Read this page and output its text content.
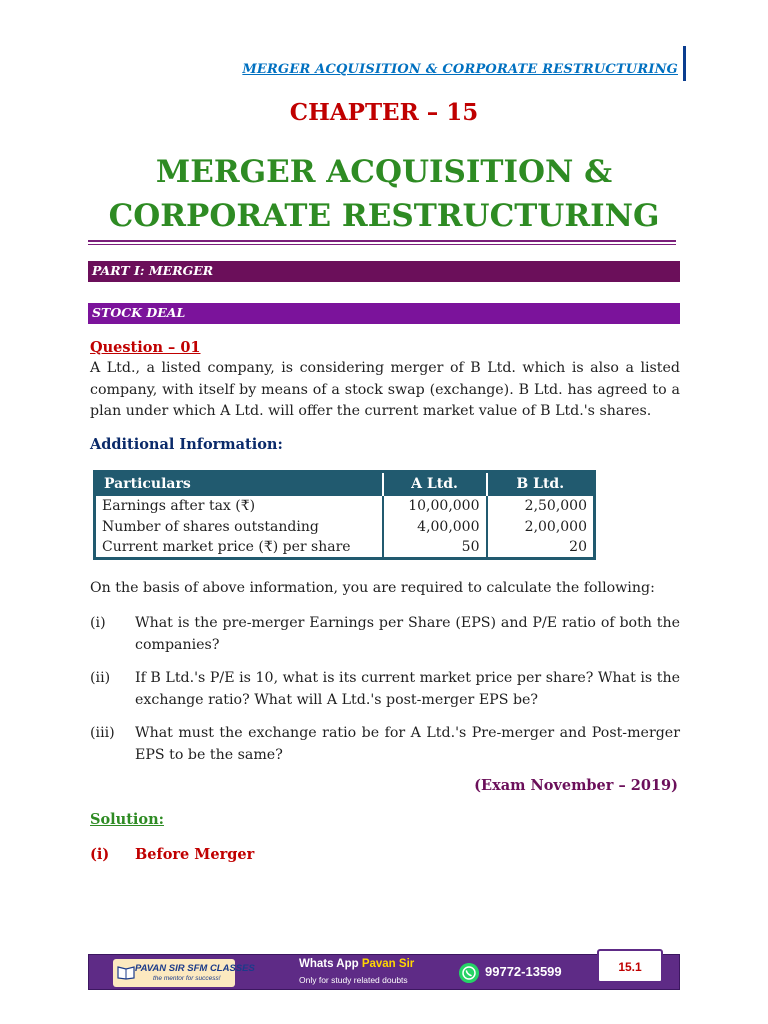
MERGER ACQUISITION & CORPORATE RESTRUCTURING
CHAPTER – 15
MERGER ACQUISITION &
CORPORATE RESTRUCTURING
PART I: MERGER
STOCK DEAL
Question – 01
A Ltd., a listed company, is considering merger of B Ltd. which is also a listed company, with itself by means of a stock swap (exchange). B Ltd. has agreed to a plan under which A Ltd. will offer the current market value of B Ltd.'s shares.
Additional Information:
Particulars	A Ltd.	B Ltd.
Earnings after tax (₹)	10,00,000	2,50,000
Number of shares outstanding	4,00,000	2,00,000
Current market price (₹) per share	50	20
On the basis of above information, you are required to calculate the following:
(i) What is the pre-merger Earnings per Share (EPS) and P/E ratio of both the companies?
(ii) If B Ltd.'s P/E is 10, what is its current market price per share? What is the exchange ratio? What will A Ltd.'s post-merger EPS be?
(iii) What must the exchange ratio be for A Ltd.'s Pre-merger and Post-merger EPS to be the same?
(Exam November – 2019)
Solution:
(i) Before Merger
PAVAN SIR SFM CLASSES
the mentor for success!
Whats App Pavan Sir
Only for study related doubts
99772-13599	15.1
